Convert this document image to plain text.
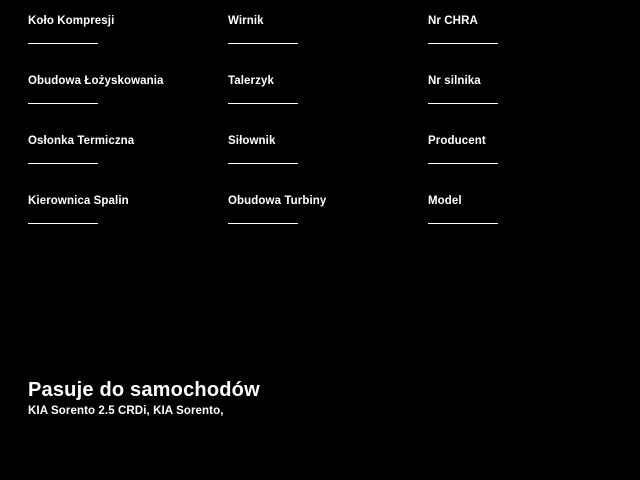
Koło Kompresji	Wirnik	Nr CHRA
Obudowa Łożyskowania	Talerzyk	Nr silnika
Osłonka Termiczna	Siłownik	Producent
Kierownica Spalin	Obudowa Turbiny	Model
Pasuje do samochodów
KIA Sorento 2.5 CRDi, KIA Sorento,
